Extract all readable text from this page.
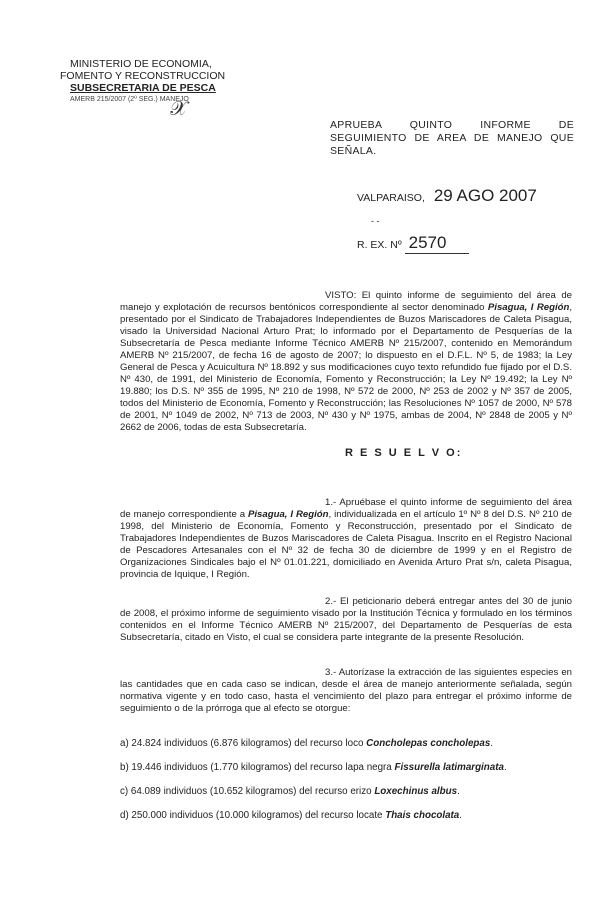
MINISTERIO DE ECONOMIA,
FOMENTO Y RECONSTRUCCION
SUBSECRETARIA DE PESCA
AMERB 215/2007 (2º SEG.) MANEJO
𝒳
APRUEBA QUINTO INFORME DE SEGUIMIENTO DE AREA DE MANEJO QUE SEÑALA.
VALPARAISO, 29 AGO 2007
- -
R. EX. Nº 2570
VISTO: El quinto informe de seguimiento del área de manejo y explotación de recursos bentónicos correspondiente al sector denominado Pisagua, I Región, presentado por el Sindicato de Trabajadores Independientes de Buzos Mariscadores de Caleta Pisagua, visado la Universidad Nacional Arturo Prat; lo informado por el Departamento de Pesquerías de la Subsecretaría de Pesca mediante Informe Técnico AMERB Nº 215/2007, contenido en Memorándum AMERB Nº 215/2007, de fecha 16 de agosto de 2007; lo dispuesto en el D.F.L. Nº 5, de 1983; la Ley General de Pesca y Acuicultura Nº 18.892 y sus modificaciones cuyo texto refundido fue fijado por el D.S. Nº 430, de 1991, del Ministerio de Economía, Fomento y Reconstrucción; la Ley Nº 19.492; la Ley Nº 19.880; los D.S. Nº 355 de 1995, Nº 210 de 1998, Nº 572 de 2000, Nº 253 de 2002 y Nº 357 de 2005, todos del Ministerio de Economía, Fomento y Reconstrucción; las Resoluciones Nº 1057 de 2000, Nº 578 de 2001, Nº 1049 de 2002, Nº 713 de 2003, Nº 430 y Nº 1975, ambas de 2004, Nº 2848 de 2005 y Nº 2662 de 2006, todas de esta Subsecretaría.
R E S U E L V O:
1.- Apruébase el quinto informe de seguimiento del área de manejo correspondiente a Pisagua, I Región, individualizada en el artículo 1º Nº 8 del D.S. Nº 210 de 1998, del Ministerio de Economía, Fomento y Reconstrucción, presentado por el Sindicato de Trabajadores Independientes de Buzos Mariscadores de Caleta Pisagua. Inscrito en el Registro Nacional de Pescadores Artesanales con el Nº 32 de fecha 30 de diciembre de 1999 y en el Registro de Organizaciones Sindicales bajo el Nº 01.01.221, domiciliado en Avenida Arturo Prat s/n, caleta Pisagua, provincia de Iquique, I Región.
2.- El peticionario deberá entregar antes del 30 de junio de 2008, el próximo informe de seguimiento visado por la Institución Técnica y formulado en los términos contenidos en el Informe Técnico AMERB Nº 215/2007, del Departamento de Pesquerías de esta Subsecretaría, citado en Visto, el cual se considera parte integrante de la presente Resolución.
3.- Autorízase la extracción de las siguientes especies en las cantidades que en cada caso se indican, desde el área de manejo anteriormente señalada, según normativa vigente y en todo caso, hasta el vencimiento del plazo para entregar el próximo informe de seguimiento o de la prórroga que al efecto se otorgue:
a) 24.824 individuos (6.876 kilogramos) del recurso loco Concholepas concholepas.
b) 19.446 individuos (1.770 kilogramos) del recurso lapa negra Fissurella latimarginata.
c) 64.089 individuos (10.652 kilogramos) del recurso erizo Loxechinus albus.
d) 250.000 individuos (10.000 kilogramos) del recurso locate Thais chocolata.
